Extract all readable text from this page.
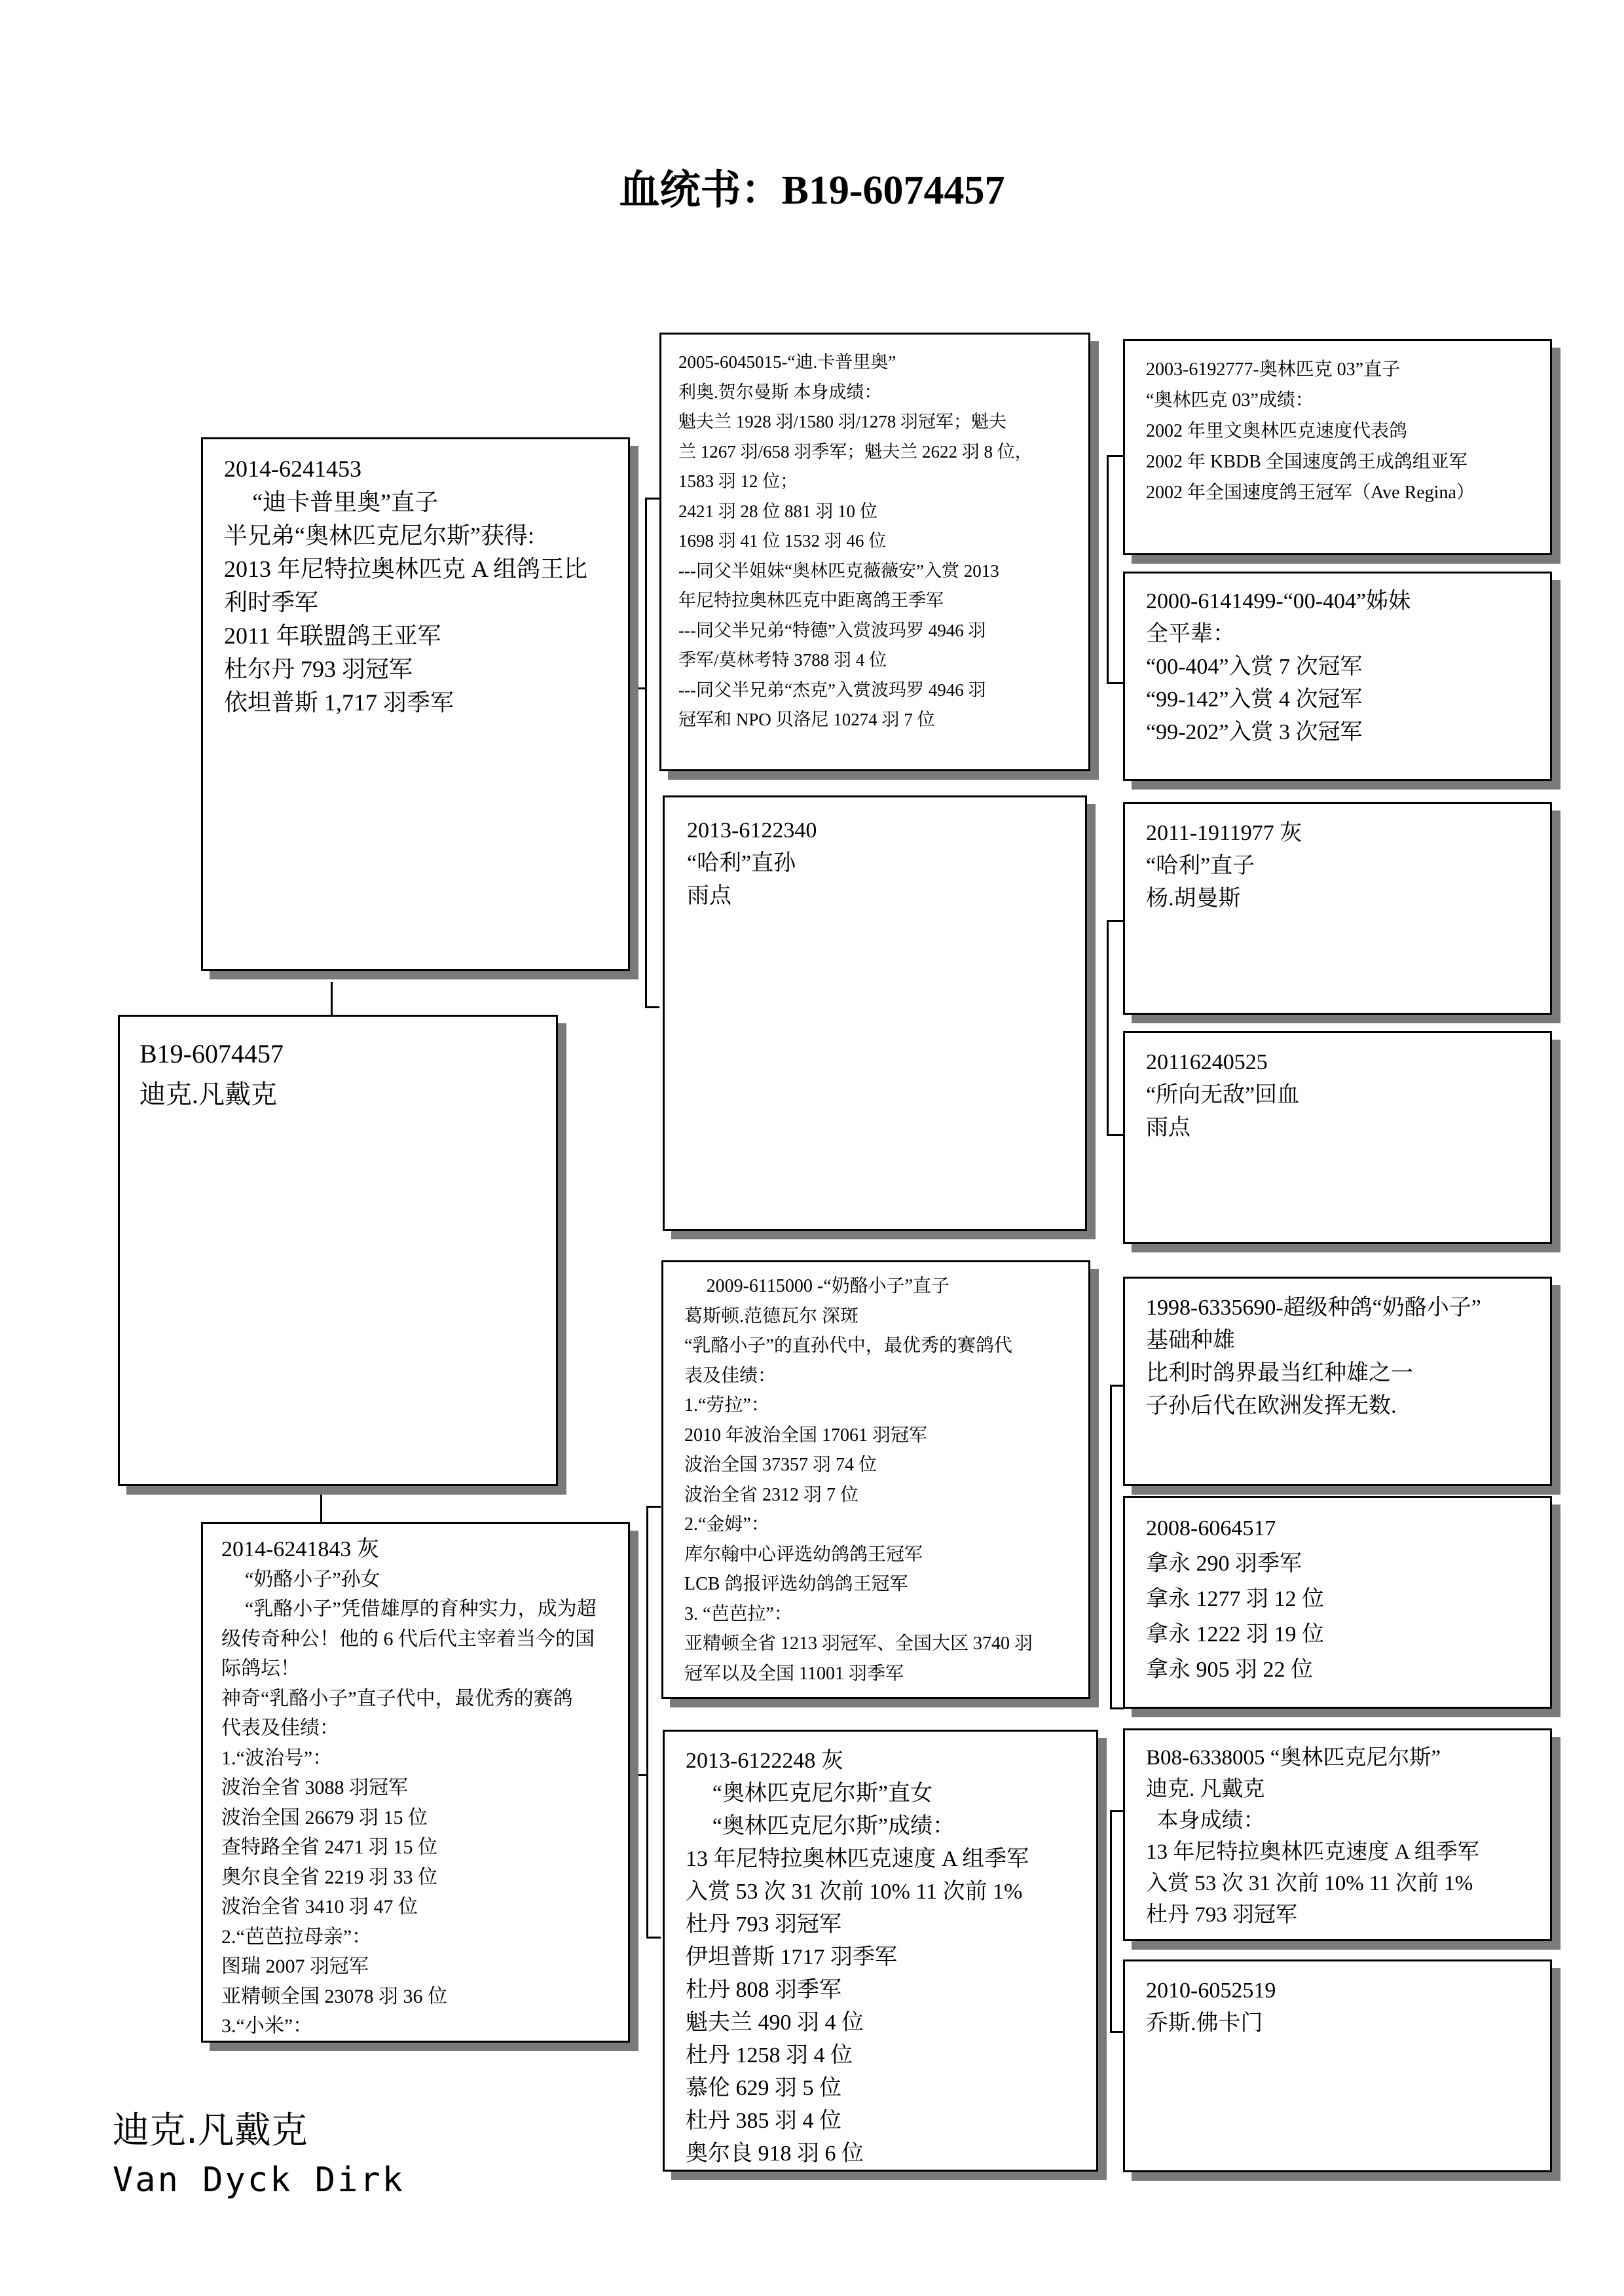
血统书：B19-6074457
B19-6074457
迪克.凡戴克
2014-6241453
“迪卡普里奥”直子
半兄弟“奥林匹克尼尔斯”获得:
2013 年尼特拉奥林匹克 A 组鸽王比
利时季军
2011 年联盟鸽王亚军
杜尔丹 793 羽冠军
依坦普斯 1,717 羽季军
2014-6241843 灰
“奶酪小子”孙女
“乳酪小子”凭借雄厚的育种实力，成为超
级传奇种公！他的 6 代后代主宰着当今的国
际鸽坛！
神奇“乳酪小子”直子代中，最优秀的赛鸽
代表及佳绩：
1.“波治号”：
波治全省 3088 羽冠军
波治全国 26679 羽 15 位
查特路全省 2471 羽 15 位
奥尔良全省 2219 羽 33 位
波治全省 3410 羽 47 位
2.“芭芭拉母亲”：
图瑞 2007 羽冠军
亚精顿全国 23078 羽 36 位
3.“小米”：
2005-6045015-“迪.卡普里奥”
利奥.贺尔曼斯 本身成绩：
魁夫兰 1928 羽/1580 羽/1278 羽冠军；魁夫
兰 1267 羽/658 羽季军；魁夫兰 2622 羽 8 位，
1583 羽 12 位；
2421 羽 28 位 881 羽 10 位
1698 羽 41 位 1532 羽 46 位
---同父半姐妹“奥林匹克薇薇安”入赏 2013
年尼特拉奥林匹克中距离鸽王季军
---同父半兄弟“特德”入赏波玛罗 4946 羽
季军/莫林考特 3788 羽 4 位
---同父半兄弟“杰克”入赏波玛罗 4946 羽
冠军和 NPO 贝洛尼 10274 羽 7 位
2013-6122340
“哈利”直孙
雨点
2009-6115000 -“奶酪小子”直子
葛斯顿.范德瓦尔 深斑
“乳酪小子”的直孙代中，最优秀的赛鸽代
表及佳绩：
1.“劳拉”：
2010 年波治全国 17061 羽冠军
波治全国 37357 羽 74 位
波治全省 2312 羽 7 位
2.“金姆”：
库尔翰中心评选幼鸽鸽王冠军
LCB 鸽报评选幼鸽鸽王冠军
3. “芭芭拉”：
亚精顿全省 1213 羽冠军、全国大区 3740 羽
冠军以及全国 11001 羽季军
2013-6122248 灰
“奥林匹克尼尔斯”直女
“奥林匹克尼尔斯”成绩：
13 年尼特拉奥林匹克速度 A 组季军
入赏 53 次 31 次前 10% 11 次前 1%
杜丹 793 羽冠军
伊坦普斯 1717 羽季军
杜丹 808 羽季军
魁夫兰 490 羽 4 位
杜丹 1258 羽 4 位
慕伦 629 羽 5 位
杜丹 385 羽 4 位
奥尔良 918 羽 6 位
2003-6192777-奥林匹克 03”直子
“奥林匹克 03”成绩：
2002 年里文奥林匹克速度代表鸽
2002 年 KBDB 全国速度鸽王成鸽组亚军
2002 年全国速度鸽王冠军（Ave Regina）
2000-6141499-“00-404”姊妹
全平辈：
“00-404”入赏 7 次冠军
“99-142”入赏 4 次冠军
“99-202”入赏 3 次冠军
2011-1911977 灰
“哈利”直子
杨.胡曼斯
20116240525
“所向无敌”回血
雨点
1998-6335690-超级种鸽“奶酪小子”
基础种雄
比利时鸽界最当红种雄之一
子孙后代在欧洲发挥无数.
2008-6064517
拿永 290 羽季军
拿永 1277 羽 12 位
拿永 1222 羽 19 位
拿永 905 羽 22 位
B08-6338005 “奥林匹克尼尔斯”
迪克. 凡戴克
本身成绩：
13 年尼特拉奥林匹克速度 A 组季军
入赏 53 次 31 次前 10% 11 次前 1%
杜丹 793 羽冠军
2010-6052519
乔斯.佛卡门
迪克.凡戴克
Van Dyck Dirk
